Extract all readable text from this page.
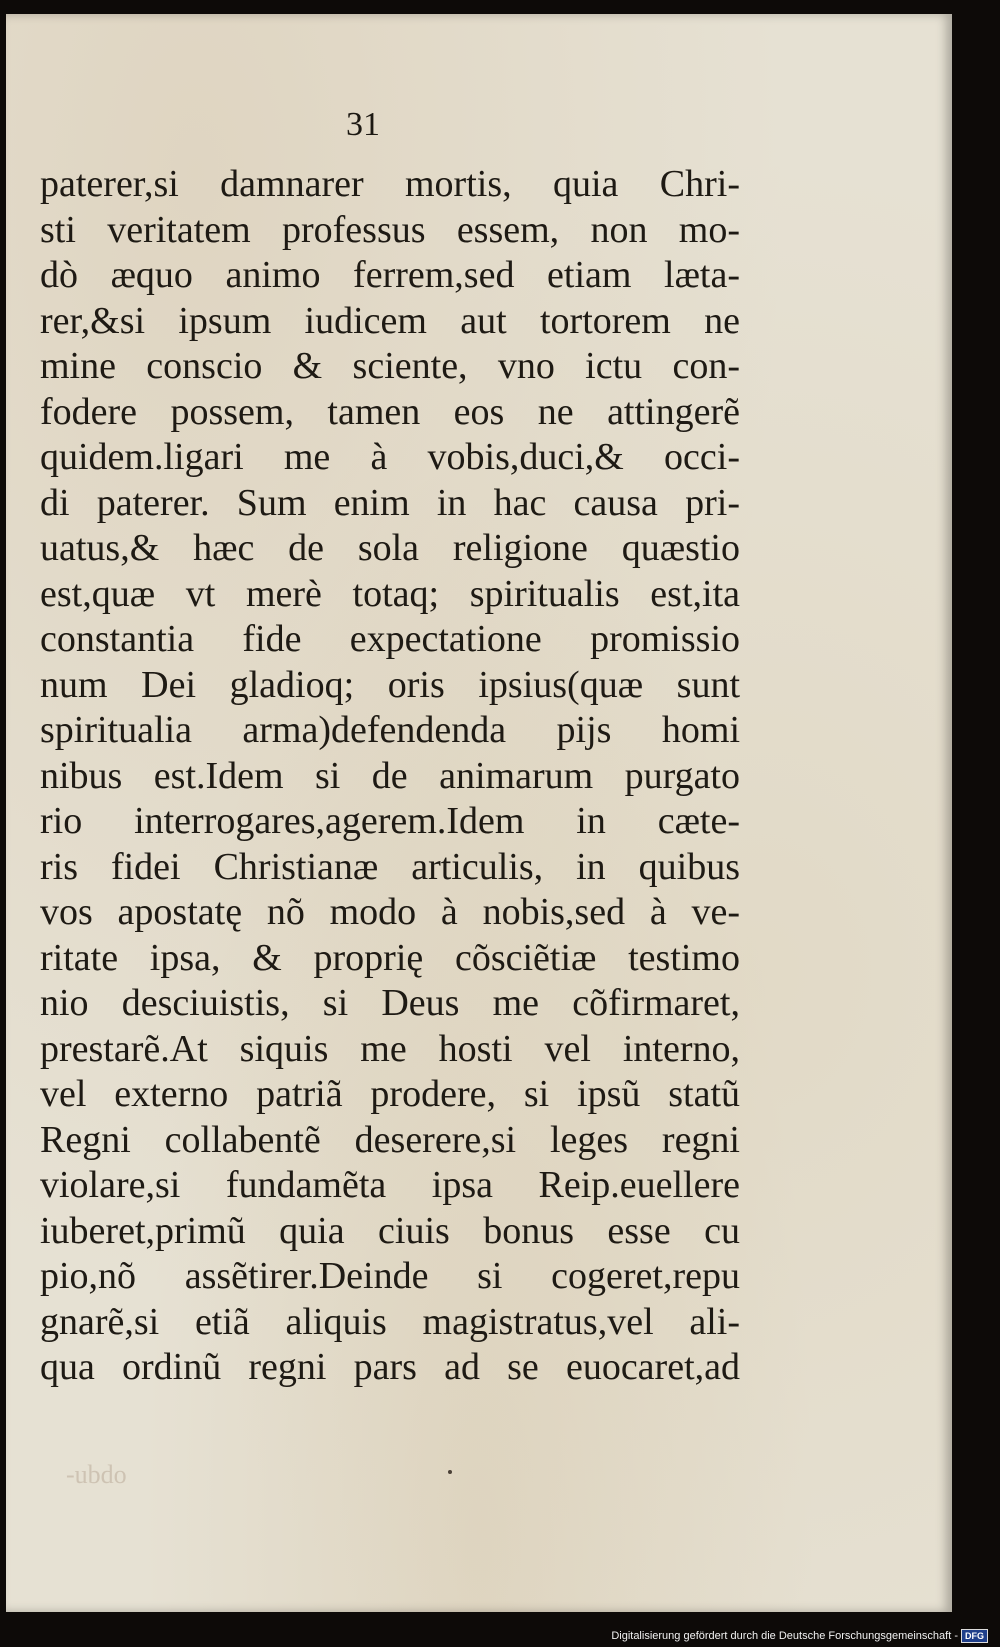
31
paterer,si damnarer mortis, quia Chri-
sti veritatem professus essem, non mo-
dò æquo animo ferrem,sed etiam læta-
rer,&si ipsum iudicem aut tortorem ne
mine conscio & sciente, vno ictu con-
fodere possem, tamen eos ne attingerẽ
quidem.ligari me à vobis,duci,& occi-
di paterer. Sum enim in hac causa pri-
uatus,& hæc de sola religione quæstio
est,quæ vt merè totaq; spiritualis est,ita
constantia fide expectatione promissio
num Dei gladioq; oris ipsius(quæ sunt
spiritualia arma)defendenda pijs homi
nibus est.Idem si de animarum purgato
rio interrogares,agerem.Idem in cæte-
ris fidei Christianæ articulis, in quibus
vos apostatę nõ modo à nobis,sed à ve-
ritate ipsa, & proprię cõsciẽtiæ testimo
nio desciuistis, si Deus me cõfirmaret,
prestarẽ.At siquis me hosti vel interno,
vel externo patriã prodere, si ipsũ statũ
Regni collabentẽ deserere,si leges regni
violare,si fundamẽta ipsa Reip.euellere
iuberet,primũ quia ciuis bonus esse cu
pio,nõ assẽtirer.Deinde si cogeret,repu
gnarẽ,si etiã aliquis magistratus,vel ali-
qua ordinũ regni pars ad se euocaret,ad
-ubdo
Digitalisierung gefördert durch die Deutsche Forschungsgemeinschaft - DFG
